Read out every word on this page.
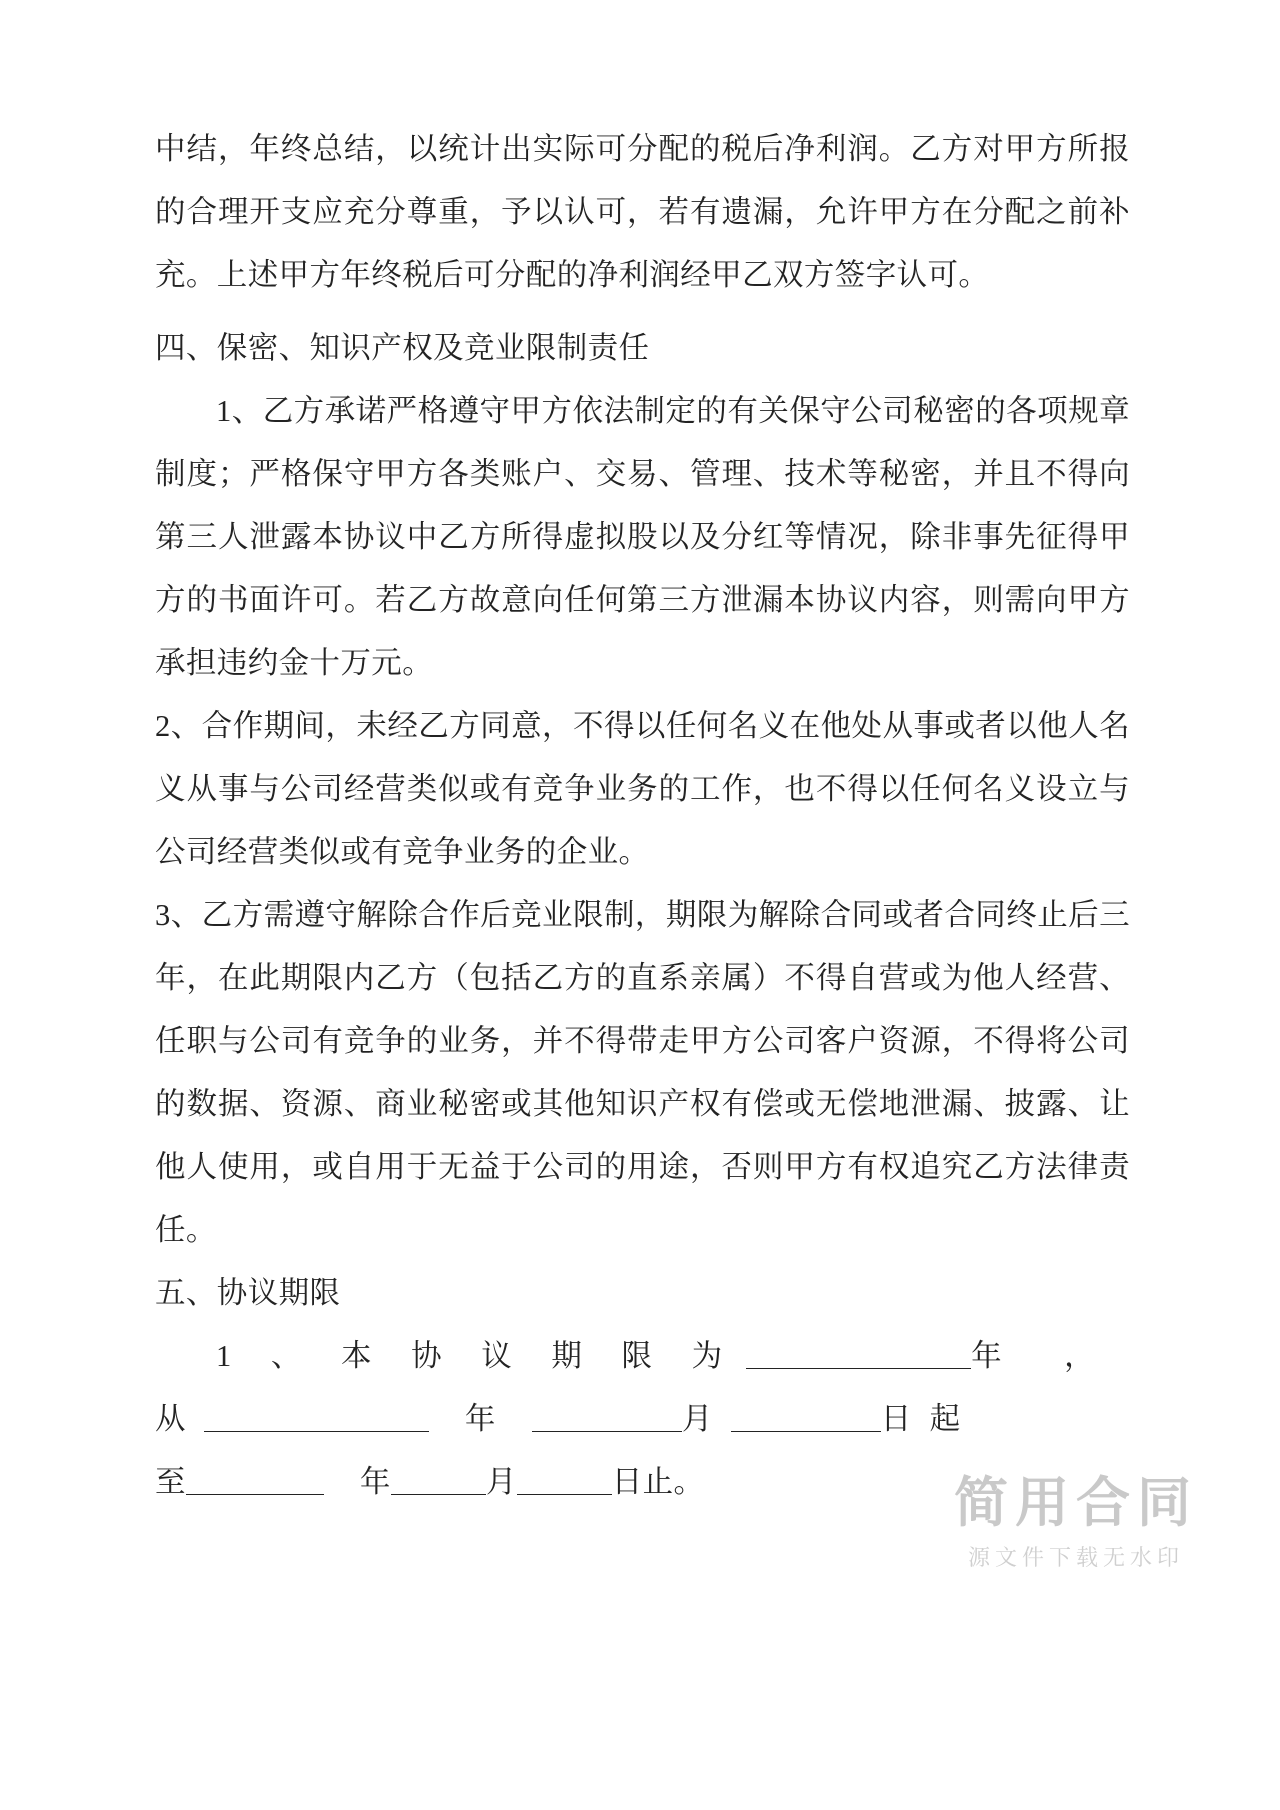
中结，年终总结，以统计出实际可分配的税后净利润。乙方对甲方所报的合理开支应充分尊重，予以认可，若有遗漏，允许甲方在分配之前补充。上述甲方年终税后可分配的净利润经甲乙双方签字认可。

四、保密、知识产权及竞业限制责任

1、乙方承诺严格遵守甲方依法制定的有关保守公司秘密的各项规章制度；严格保守甲方各类账户、交易、管理、技术等秘密，并且不得向第三人泄露本协议中乙方所得虚拟股以及分红等情况，除非事先征得甲方的书面许可。若乙方故意向任何第三方泄漏本协议内容，则需向甲方承担违约金十万元。

2、合作期间，未经乙方同意，不得以任何名义在他处从事或者以他人名义从事与公司经营类似或有竞争业务的工作，也不得以任何名义设立与公司经营类似或有竞争业务的企业。

3、乙方需遵守解除合作后竞业限制，期限为解除合同或者合同终止后三年，在此期限内乙方（包括乙方的直系亲属）不得自营或为他人经营、任职与公司有竞争的业务，并不得带走甲方公司客户资源，不得将公司的数据、资源、商业秘密或其他知识产权有偿或无偿地泄漏、披露、让他人使用，或自用于无益于公司的用途，否则甲方有权追究乙方法律责任。

五、协议期限

1 、 本 协 议 期 限 为	年 ，
从	年	月	日 起
至	年	月	日止。	简用合同
源文件下载无水印
